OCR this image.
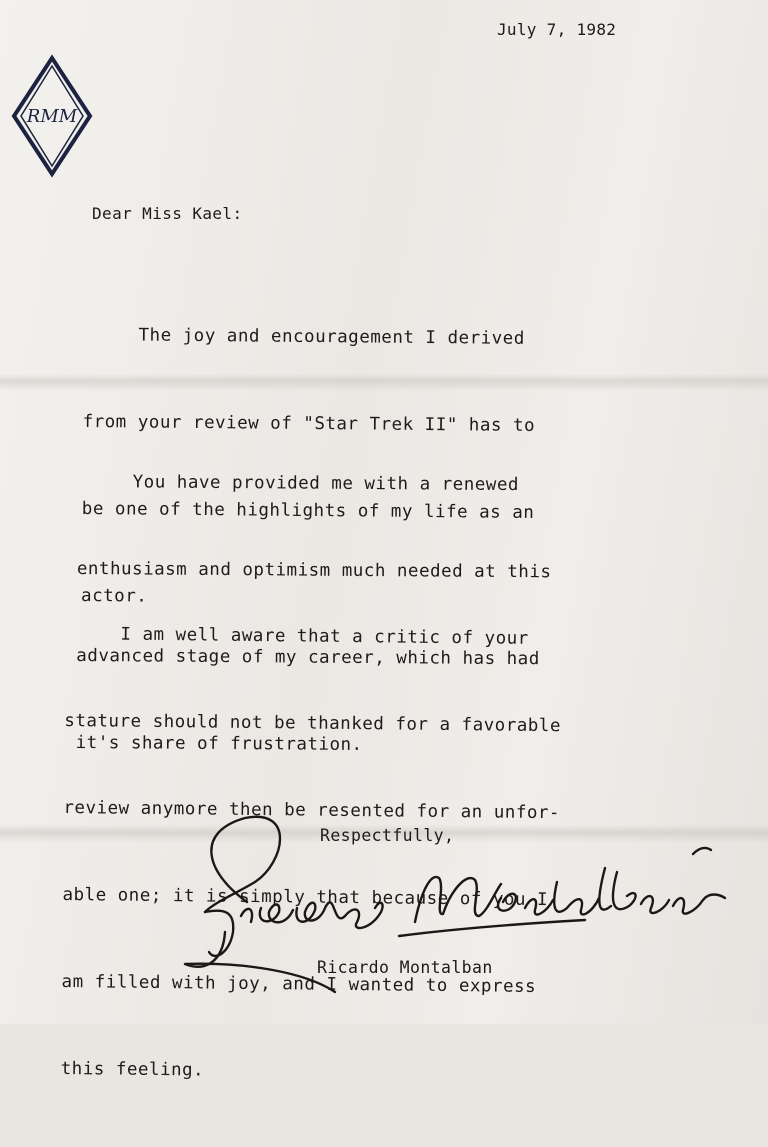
RMM
July 7, 1982
Dear Miss Kael:

The joy and encouragement I derived

from your review of "Star Trek II" has to

be one of the highlights of my life as an

actor.

You have provided me with a renewed

enthusiasm and optimism much needed at this

advanced stage of my career, which has had

it's share of frustration.

I am well aware that a critic of your

stature should not be thanked for a favorable

review anymore then be resented for an unfor-

able one; it is simply that because of you I

am filled with joy, and I wanted to express

this feeling.

Respectfully,
Ricardo Montalban
